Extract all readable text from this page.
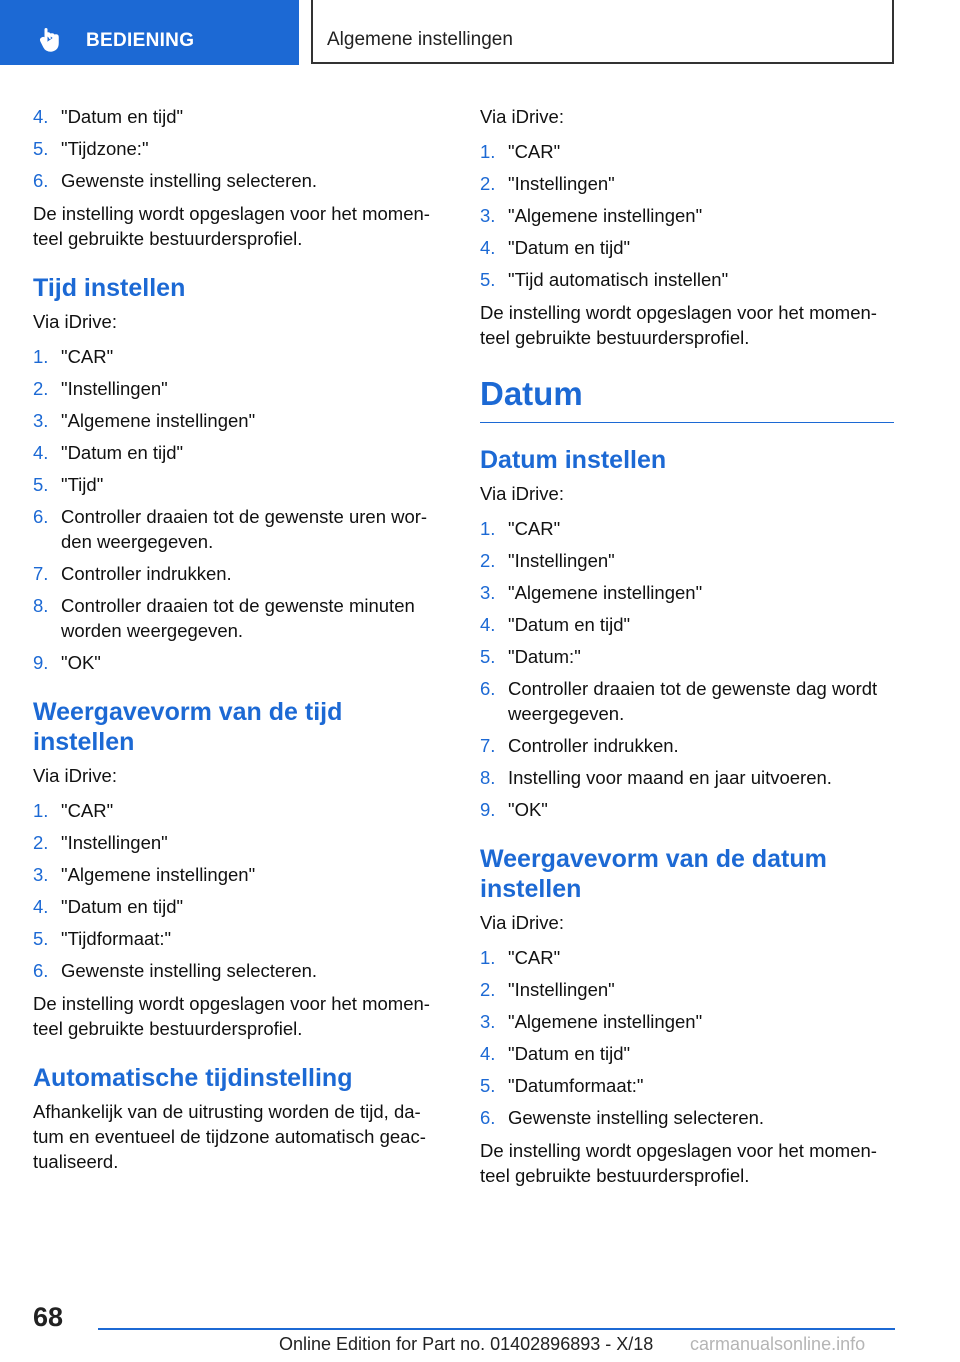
BEDIENING	Algemene instellingen
4. "Datum en tijd"
5. "Tijdzone:"
6. Gewenste instelling selecteren.

De instelling wordt opgeslagen voor het momen‐teel gebruikte bestuurdersprofiel.

Tijd instellen

Via iDrive:

1. "CAR"
2. "Instellingen"
3. "Algemene instellingen"
4. "Datum en tijd"
5. "Tijd"
6. Controller draaien tot de gewenste uren wor‐den weergegeven.
7. Controller indrukken.
8. Controller draaien tot de gewenste minuten worden weergegeven.
9. "OK"
Weergavevorm van de tijd instellen

Via iDrive:

1. "CAR"
2. "Instellingen"
3. "Algemene instellingen"
4. "Datum en tijd"
5. "Tijdformaat:"
6. Gewenste instelling selecteren.

De instelling wordt opgeslagen voor het momen‐teel gebruikte bestuurdersprofiel.

Automatische tijdinstelling

Afhankelijk van de uitrusting worden de tijd, da‐tum en eventueel de tijdzone automatisch geac‐tualiseerd.

Via iDrive:

1. "CAR"
2. "Instellingen"
3. "Algemene instellingen"
4. "Datum en tijd"
5. "Tijd automatisch instellen"

De instelling wordt opgeslagen voor het momen‐teel gebruikte bestuurdersprofiel.

Datum
Datum instellen

Via iDrive:

1. "CAR"
2. "Instellingen"
3. "Algemene instellingen"
4. "Datum en tijd"
5. "Datum:"
6. Controller draaien tot de gewenste dag wordt weergegeven.
7. Controller indrukken.
8. Instelling voor maand en jaar uitvoeren.
9. "OK"
Weergavevorm van de datum instellen

Via iDrive:

1. "CAR"
2. "Instellingen"
3. "Algemene instellingen"
4. "Datum en tijd"
5. "Datumformaat:"
6. Gewenste instelling selecteren.

De instelling wordt opgeslagen voor het momen‐teel gebruikte bestuurdersprofiel.

68
Online Edition for Part no. 01402896893 - X/18 carmanualsonline.info
